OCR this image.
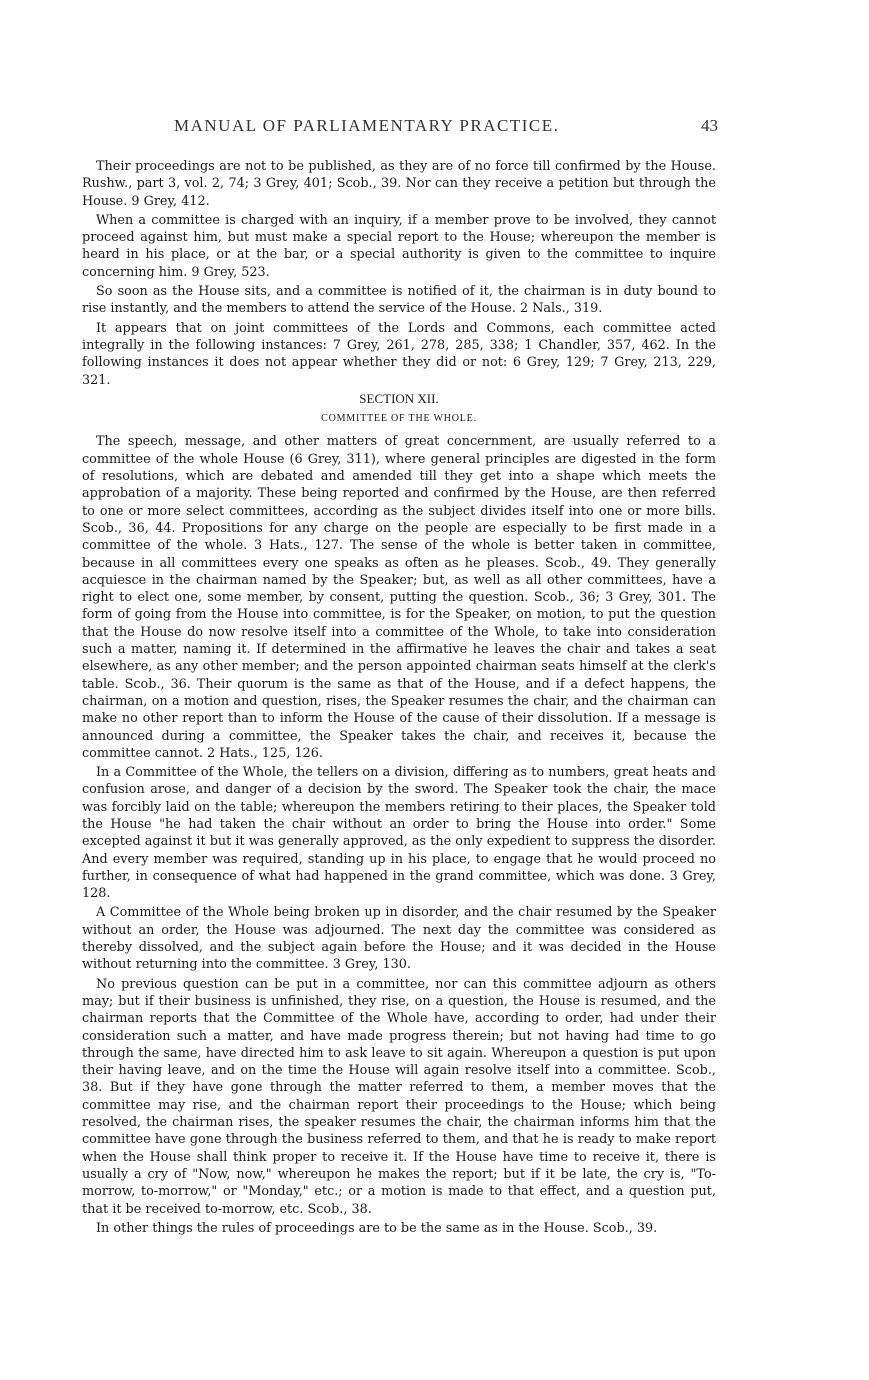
MANUAL OF PARLIAMENTARY PRACTICE.	43

Their proceedings are not to be published, as they are of no force till confirmed by the House. Rushw., part 3, vol. 2, 74; 3 Grey, 401; Scob., 39. Nor can they receive a petition but through the House. 9 Grey, 412.

When a committee is charged with an inquiry, if a member prove to be involved, they cannot proceed against him, but must make a special report to the House; whereupon the member is heard in his place, or at the bar, or a special authority is given to the committee to inquire concerning him. 9 Grey, 523.

So soon as the House sits, and a committee is notified of it, the chairman is in duty bound to rise instantly, and the members to attend the service of the House. 2 Nals., 319.

It appears that on joint committees of the Lords and Commons, each committee acted integrally in the following instances: 7 Grey, 261, 278, 285, 338; 1 Chandler, 357, 462. In the following instances it does not appear whether they did or not: 6 Grey, 129; 7 Grey, 213, 229, 321.

SECTION XII.
COMMITTEE OF THE WHOLE.

The speech, message, and other matters of great concernment, are usually referred to a committee of the whole House (6 Grey, 311), where general principles are digested in the form of resolutions, which are debated and amended till they get into a shape which meets the approbation of a majority. These being reported and confirmed by the House, are then referred to one or more select committees, according as the subject divides itself into one or more bills. Scob., 36, 44. Propositions for any charge on the people are especially to be first made in a committee of the whole. 3 Hats., 127. The sense of the whole is better taken in committee, because in all committees every one speaks as often as he pleases. Scob., 49. They generally acquiesce in the chairman named by the Speaker; but, as well as all other committees, have a right to elect one, some member, by consent, putting the question. Scob., 36; 3 Grey, 301. The form of going from the House into committee, is for the Speaker, on motion, to put the question that the House do now resolve itself into a committee of the Whole, to take into consideration such a matter, naming it. If determined in the affirmative he leaves the chair and takes a seat elsewhere, as any other member; and the person appointed chairman seats himself at the clerk's table. Scob., 36. Their quorum is the same as that of the House, and if a defect happens, the chairman, on a motion and question, rises, the Speaker resumes the chair, and the chairman can make no other report than to inform the House of the cause of their dissolution. If a message is announced during a committee, the Speaker takes the chair, and receives it, because the committee cannot. 2 Hats., 125, 126.

In a Committee of the Whole, the tellers on a division, differing as to numbers, great heats and confusion arose, and danger of a decision by the sword. The Speaker took the chair, the mace was forcibly laid on the table; whereupon the members retiring to their places, the Speaker told the House "he had taken the chair without an order to bring the House into order." Some excepted against it but it was generally approved, as the only expedient to suppress the disorder. And every member was required, standing up in his place, to engage that he would proceed no further, in consequence of what had happened in the grand committee, which was done. 3 Grey, 128.

A Committee of the Whole being broken up in disorder, and the chair resumed by the Speaker without an order, the House was adjourned. The next day the committee was considered as thereby dissolved, and the subject again before the House; and it was decided in the House without returning into the committee. 3 Grey, 130.

No previous question can be put in a committee, nor can this committee adjourn as others may; but if their business is unfinished, they rise, on a question, the House is resumed, and the chairman reports that the Committee of the Whole have, according to order, had under their consideration such a matter, and have made progress therein; but not having had time to go through the same, have directed him to ask leave to sit again. Whereupon a question is put upon their having leave, and on the time the House will again resolve itself into a committee. Scob., 38. But if they have gone through the matter referred to them, a member moves that the committee may rise, and the chairman report their proceedings to the House; which being resolved, the chairman rises, the speaker resumes the chair, the chairman informs him that the committee have gone through the business referred to them, and that he is ready to make report when the House shall think proper to receive it. If the House have time to receive it, there is usually a cry of "Now, now," whereupon he makes the report; but if it be late, the cry is, "To-morrow, to-morrow," or "Monday," etc.; or a motion is made to that effect, and a question put, that it be received to-morrow, etc. Scob., 38.

In other things the rules of proceedings are to be the same as in the House. Scob., 39.
